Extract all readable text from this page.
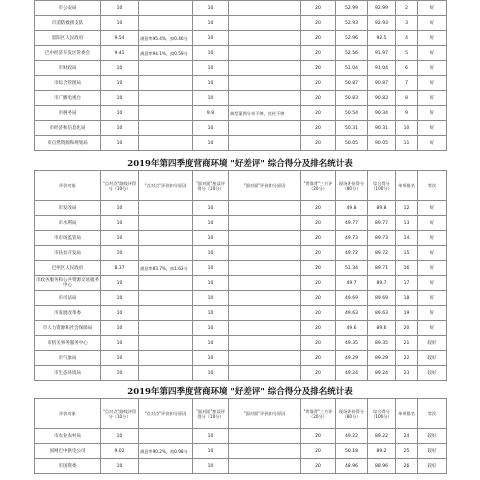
市公安局	10		10		20	52.99	92.99	2	好
市消防救援支队	10		10		20	52.93	92.93	3	好
恩阳区人民政府	9.54	满意率95.4%，扣0.46分	10		20	52.96	92.5	4	好
巴中经济开发区管委会	9.41	满意率94.1%，扣0.59分	10		20	52.56	91.97	5	好
市财政局	10		10		20	51.04	91.04	6	好
市综合管理局	10		10		20	50.87	90.87	7	好
市广播电视台	10		10		20	50.83	90.83	8	好
市税务局	10		9.8	典型案例分享不够，宣传不够	20	50.54	90.34	9	好
市经济和信息化局	10		10		20	50.31	90.31	10	好
市自然资源和规划局	10		10		20	50.05	90.05	11	好
2019年第四季度营商环境 "好差评" 综合得分及排名统计表
评价对象	"点对点"路线评得分（10分）	"点对点"评价扣分原因	"面对面"座谈评得分（10分）	"面对面"评价扣分原因	"背靠背"三方评（20分）	现场评价得分（80分）	综合得分（100分）	单项排名	等次
市发改局	10		10		20	49.8	89.8	12	好
市水利局	10		10		20	49.77	89.77	13	好
市市场监管局	10		10		20	49.73	89.73	14	好
市扶贫开发局	10		10		20	49.72	89.72	15	好
巴州区人民政府	8.37	满意率83.7%，扣1.63分	10		20	51.34	89.71	16	好
市政务服务和公共资源交易服务中心	10		10		20	49.7	89.7	17	好
市司法局	10		10		20	49.69	89.69	18	好
市发展改革委	10		10		20	49.63	89.63	19	好
市人力资源和社会保障局	10		10		20	49.6	89.6	20	好
市机关事务服务中心	10		10		20	49.35	89.35	21	较好
市气象局	10		10		20	49.29	89.29	22	较好
市生态环境局	10		10		20	49.24	89.24	23	较好
2019年第四季度营商环境 "好差评" 综合得分及排名统计表
评价对象	"点对点"路线评得分（10分）	"点对点"评价扣分原因	"面对面"座谈评得分（10分）	"面对面"评价扣分原因	"背靠背"三方评（20分）	现场评价得分（80分）	综合得分（100分）	单项排名	等次
市农业农村局	10		10		20	49.22	89.22	24	较好
国网巴中供电公司	9.02	满意率90.2%，扣0.98分	10		20	50.18	89.2	25	较好
市国资委	10		10		20	48.96	88.96	26	较好
